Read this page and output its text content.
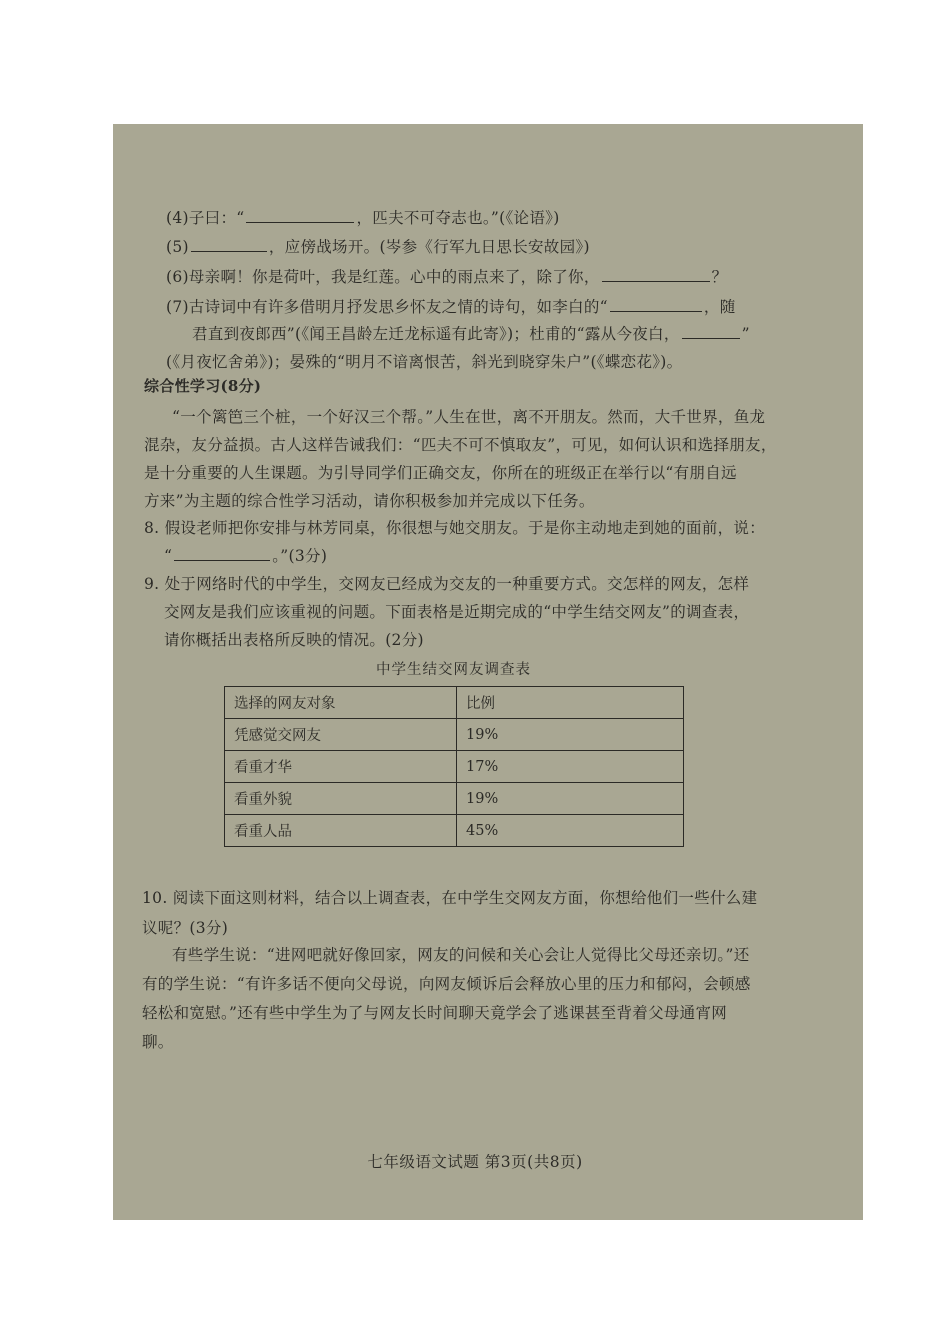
(4)子曰：“	，匹夫不可夺志也。”(《论语》)
(5)	，应傍战场开。(岑参《行军九日思长安故园》)
(6)母亲啊！你是荷叶，我是红莲。心中的雨点来了，除了你，	？
(7)古诗词中有许多借明月抒发思乡怀友之情的诗句，如李白的“	，随
君直到夜郎西”(《闻王昌龄左迁龙标遥有此寄》)；杜甫的“露从今夜白，	”
(《月夜忆舍弟》)；晏殊的“明月不谙离恨苦，斜光到晓穿朱户”(《蝶恋花》)。
综合性学习(8分)
“一个篱笆三个桩，一个好汉三个帮。”人生在世，离不开朋友。然而，大千世界，鱼龙
混杂，友分益损。古人这样告诫我们：“匹夫不可不慎取友”，可见，如何认识和选择朋友，
是十分重要的人生课题。为引导同学们正确交友，你所在的班级正在举行以“有朋自远
方来”为主题的综合性学习活动，请你积极参加并完成以下任务。
8. 假设老师把你安排与林芳同桌，你很想与她交朋友。于是你主动地走到她的面前，说：
“	。”(3分)
9. 处于网络时代的中学生，交网友已经成为交友的一种重要方式。交怎样的网友，怎样
交网友是我们应该重视的问题。下面表格是近期完成的“中学生结交网友”的调查表，
请你概括出表格所反映的情况。(2分)
中学生结交网友调查表
选择的网友对象	比例
凭感觉交网友	19%
看重才华	17%
看重外貌	19%
看重人品	45%
10. 阅读下面这则材料，结合以上调查表，在中学生交网友方面，你想给他们一些什么建
议呢？(3分)
有些学生说：“进网吧就好像回家，网友的问候和关心会让人觉得比父母还亲切。”还
有的学生说：“有许多话不便向父母说，向网友倾诉后会释放心里的压力和郁闷，会顿感
轻松和宽慰。”还有些中学生为了与网友长时间聊天竟学会了逃课甚至背着父母通宵网
聊。
七年级语文试题 第3页(共8页)
